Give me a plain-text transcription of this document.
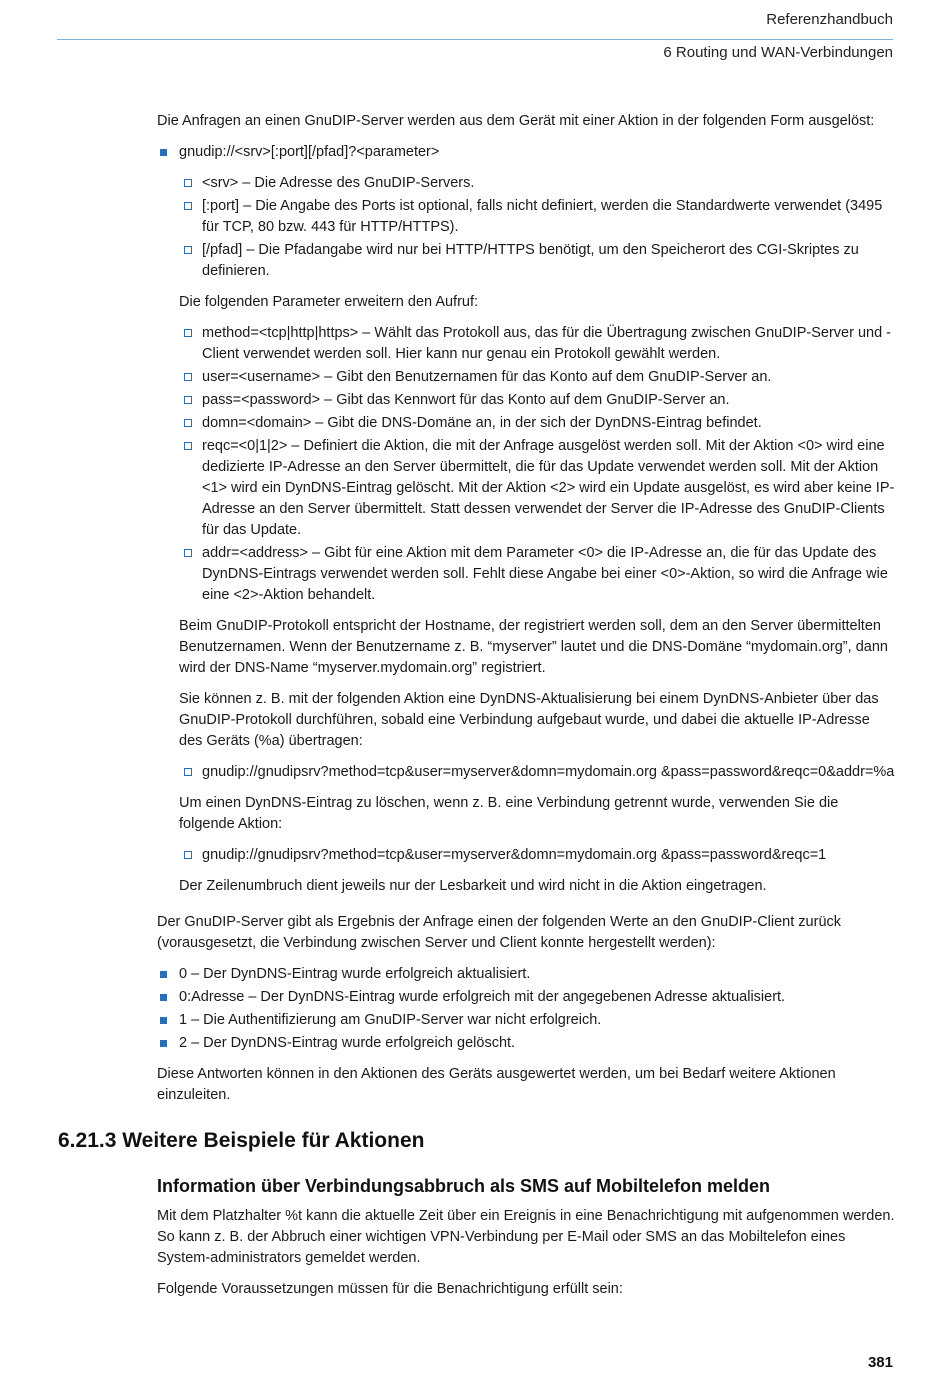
Referenzhandbuch
6 Routing und WAN-Verbindungen

Die Anfragen an einen GnuDIP-Server werden aus dem Gerät mit einer Aktion in der folgenden Form ausgelöst:

gnudip://<srv>[:port][/pfad]?<parameter>

<srv> – Die Adresse des GnuDIP-Servers.

[:port] – Die Angabe des Ports ist optional, falls nicht definiert, werden die Standardwerte verwendet (3495 für TCP, 80 bzw. 443 für HTTP/HTTPS).

[/pfad] – Die Pfadangabe wird nur bei HTTP/HTTPS benötigt, um den Speicherort des CGI-Skriptes zu definieren.

Die folgenden Parameter erweitern den Aufruf:

method=<tcp|http|https> – Wählt das Protokoll aus, das für die Übertragung zwischen GnuDIP-Server und -Client verwendet werden soll. Hier kann nur genau ein Protokoll gewählt werden.

user=<username> – Gibt den Benutzernamen für das Konto auf dem GnuDIP-Server an.

pass=<password> – Gibt das Kennwort für das Konto auf dem GnuDIP-Server an.

domn=<domain> – Gibt die DNS-Domäne an, in der sich der DynDNS-Eintrag befindet.

reqc=<0|1|2> – Definiert die Aktion, die mit der Anfrage ausgelöst werden soll. Mit der Aktion <0> wird eine dedizierte IP-Adresse an den Server übermittelt, die für das Update verwendet werden soll. Mit der Aktion <1> wird ein DynDNS-Eintrag gelöscht. Mit der Aktion <2> wird ein Update ausgelöst, es wird aber keine IP-Adresse an den Server übermittelt. Statt dessen verwendet der Server die IP-Adresse des GnuDIP-Clients für das Update.

addr=<address> – Gibt für eine Aktion mit dem Parameter <0> die IP-Adresse an, die für das Update des DynDNS-Eintrags verwendet werden soll. Fehlt diese Angabe bei einer <0>-Aktion, so wird die Anfrage wie eine <2>-Aktion behandelt.

Beim GnuDIP-Protokoll entspricht der Hostname, der registriert werden soll, dem an den Server übermittelten Benutzernamen. Wenn der Benutzername z. B. “myserver” lautet und die DNS-Domäne “mydomain.org”, dann wird der DNS-Name “myserver.mydomain.org” registriert.

Sie können z. B. mit der folgenden Aktion eine DynDNS-Aktualisierung bei einem DynDNS-Anbieter über das GnuDIP-Protokoll durchführen, sobald eine Verbindung aufgebaut wurde, und dabei die aktuelle IP-Adresse des Geräts (%a) übertragen:

gnudip://gnudipsrv?method=tcp&user=myserver&domn=mydomain.org &pass=password&reqc=0&addr=%a

Um einen DynDNS-Eintrag zu löschen, wenn z. B. eine Verbindung getrennt wurde, verwenden Sie die folgende Aktion:

gnudip://gnudipsrv?method=tcp&user=myserver&domn=mydomain.org &pass=password&reqc=1

Der Zeilenumbruch dient jeweils nur der Lesbarkeit und wird nicht in die Aktion eingetragen.

Der GnuDIP-Server gibt als Ergebnis der Anfrage einen der folgenden Werte an den GnuDIP-Client zurück (vorausgesetzt, die Verbindung zwischen Server und Client konnte hergestellt werden):

0 – Der DynDNS-Eintrag wurde erfolgreich aktualisiert.

0:Adresse – Der DynDNS-Eintrag wurde erfolgreich mit der angegebenen Adresse aktualisiert.

1 – Die Authentifizierung am GnuDIP-Server war nicht erfolgreich.

2 – Der DynDNS-Eintrag wurde erfolgreich gelöscht.

Diese Antworten können in den Aktionen des Geräts ausgewertet werden, um bei Bedarf weitere Aktionen einzuleiten.

6.21.3 Weitere Beispiele für Aktionen

Information über Verbindungsabbruch als SMS auf Mobiltelefon melden

Mit dem Platzhalter %t kann die aktuelle Zeit über ein Ereignis in eine Benachrichtigung mit aufgenommen werden. So kann z. B. der Abbruch einer wichtigen VPN-Verbindung per E-Mail oder SMS an das Mobiltelefon eines System-administrators gemeldet werden.

Folgende Voraussetzungen müssen für die Benachrichtigung erfüllt sein:

381
